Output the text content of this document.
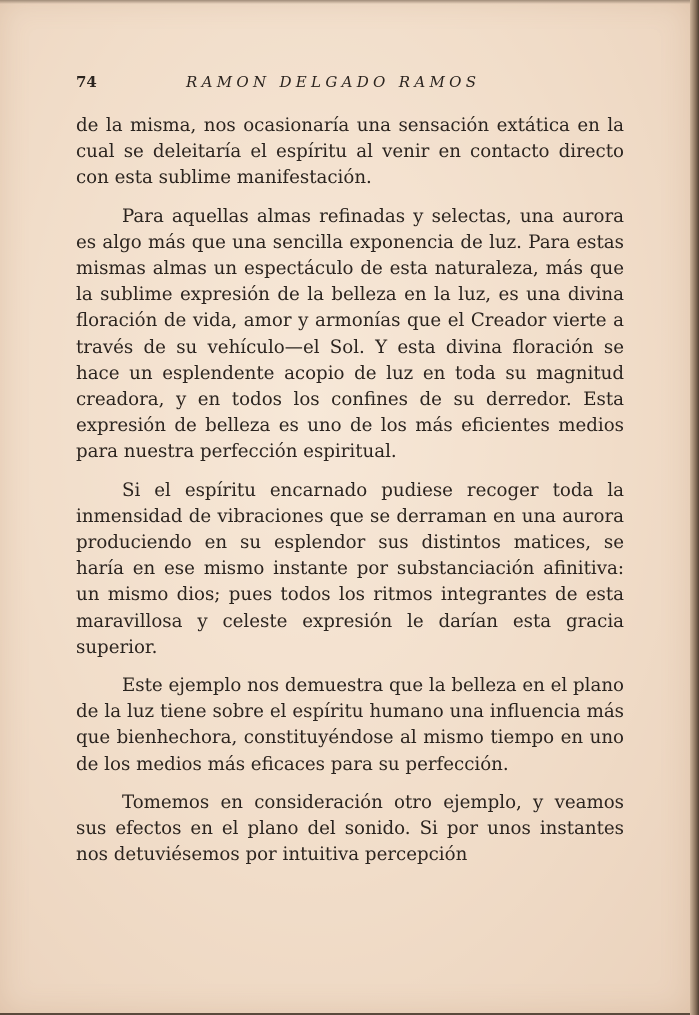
74	RAMON DELGADO RAMOS

de la misma, nos ocasionaría una sensación extática en la cual se deleitaría el espíritu al venir en contacto directo con esta sublime manifestación.

Para aquellas almas refinadas y selectas, una aurora es algo más que una sencilla exponencia de luz. Para estas mismas almas un espectáculo de esta naturaleza, más que la sublime expresión de la belleza en la luz, es una divina floración de vida, amor y armonías que el Creador vierte a través de su vehículo—el Sol. Y esta divina floración se hace un esplendente acopio de luz en toda su magnitud creadora, y en todos los confines de su derredor. Esta expresión de belleza es uno de los más eficientes medios para nuestra perfección espiritual.

Si el espíritu encarnado pudiese recoger toda la inmensidad de vibraciones que se derraman en una aurora produciendo en su esplendor sus distintos matices, se haría en ese mismo instante por substanciación afinitiva: un mismo dios; pues todos los ritmos integrantes de esta maravillosa y celeste expresión le darían esta gracia superior.

Este ejemplo nos demuestra que la belleza en el plano de la luz tiene sobre el espíritu humano una influencia más que bienhechora, constituyéndose al mismo tiempo en uno de los medios más eficaces para su perfección.

Tomemos en consideración otro ejemplo, y veamos sus efectos en el plano del sonido. Si por unos instantes nos detuviésemos por intuitiva percepción
